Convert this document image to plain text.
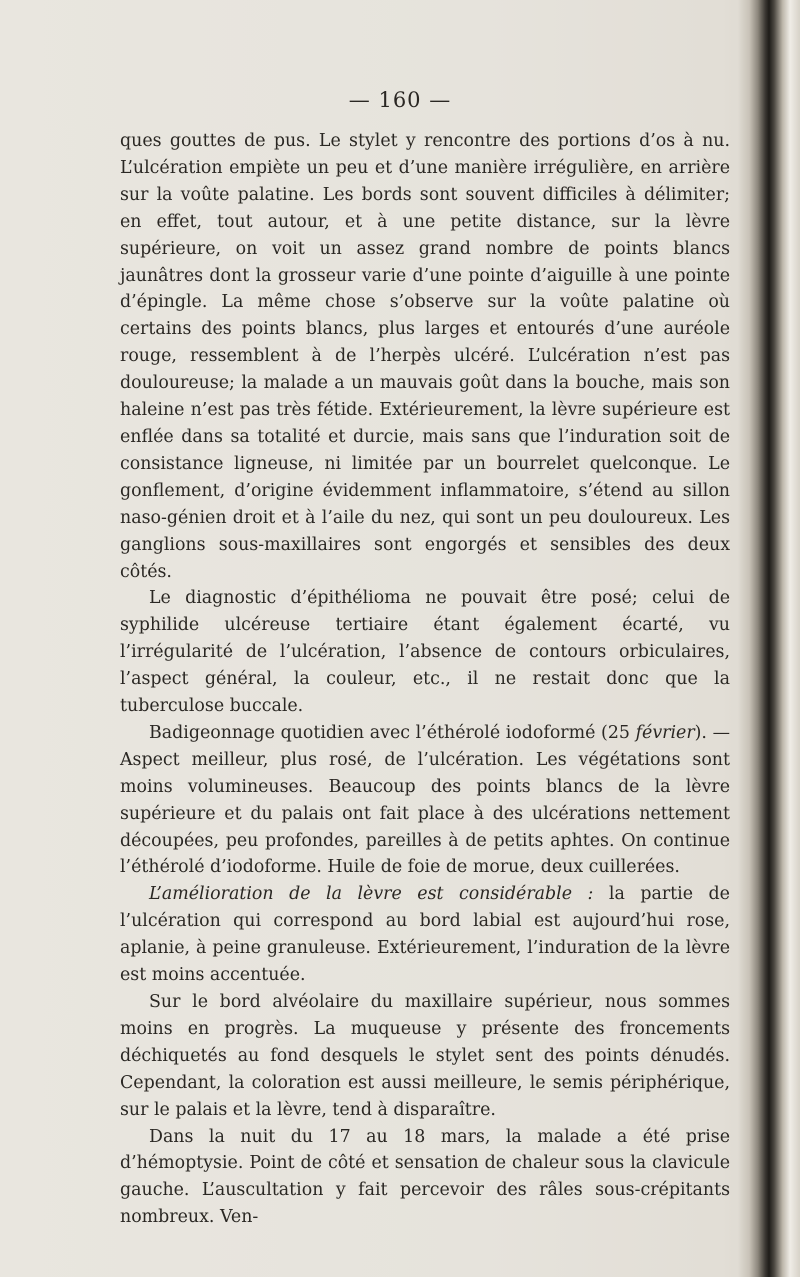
— 160 —

ques gouttes de pus. Le stylet y rencontre des portions d’os à nu. L’ulcération empiète un peu et d’une manière irrégulière, en arrière sur la voûte palatine. Les bords sont souvent difficiles à délimiter; en effet, tout autour, et à une petite distance, sur la lèvre supérieure, on voit un assez grand nombre de points blancs jaunâtres dont la grosseur varie d’une pointe d’aiguille à une pointe d’épingle. La même chose s’observe sur la voûte palatine où certains des points blancs, plus larges et entourés d’une auréole rouge, ressemblent à de l’herpès ulcéré. L’ulcération n’est pas douloureuse; la malade a un mauvais goût dans la bouche, mais son haleine n’est pas très fétide. Extérieurement, la lèvre supérieure est enflée dans sa totalité et durcie, mais sans que l’induration soit de consistance ligneuse, ni limitée par un bourrelet quelconque. Le gonflement, d’origine évidemment inflammatoire, s’étend au sillon naso-génien droit et à l’aile du nez, qui sont un peu douloureux. Les ganglions sous-maxillaires sont engorgés et sensibles des deux côtés.

Le diagnostic d’épithélioma ne pouvait être posé; celui de syphilide ulcéreuse tertiaire étant également écarté, vu l’irrégularité de l’ulcération, l’absence de contours orbiculaires, l’aspect général, la couleur, etc., il ne restait donc que la tuberculose buccale.

Badigeonnage quotidien avec l’éthérolé iodoformé (25 février). — Aspect meilleur, plus rosé, de l’ulcération. Les végétations sont moins volumineuses. Beaucoup des points blancs de la lèvre supérieure et du palais ont fait place à des ulcérations nettement découpées, peu profondes, pareilles à de petits aphtes. On continue l’éthérolé d’iodoforme. Huile de foie de morue, deux cuillerées.

L’amélioration de la lèvre est considérable : la partie de l’ulcération qui correspond au bord labial est aujourd’hui rose, aplanie, à peine granuleuse. Extérieurement, l’induration de la lèvre est moins accentuée.

Sur le bord alvéolaire du maxillaire supérieur, nous sommes moins en progrès. La muqueuse y présente des froncements déchiquetés au fond desquels le stylet sent des points dénudés. Cependant, la coloration est aussi meilleure, le semis périphérique, sur le palais et la lèvre, tend à disparaître.

Dans la nuit du 17 au 18 mars, la malade a été prise d’hémoptysie. Point de côté et sensation de chaleur sous la clavicule gauche. L’auscultation y fait percevoir des râles sous-crépitants nombreux. Ven-
